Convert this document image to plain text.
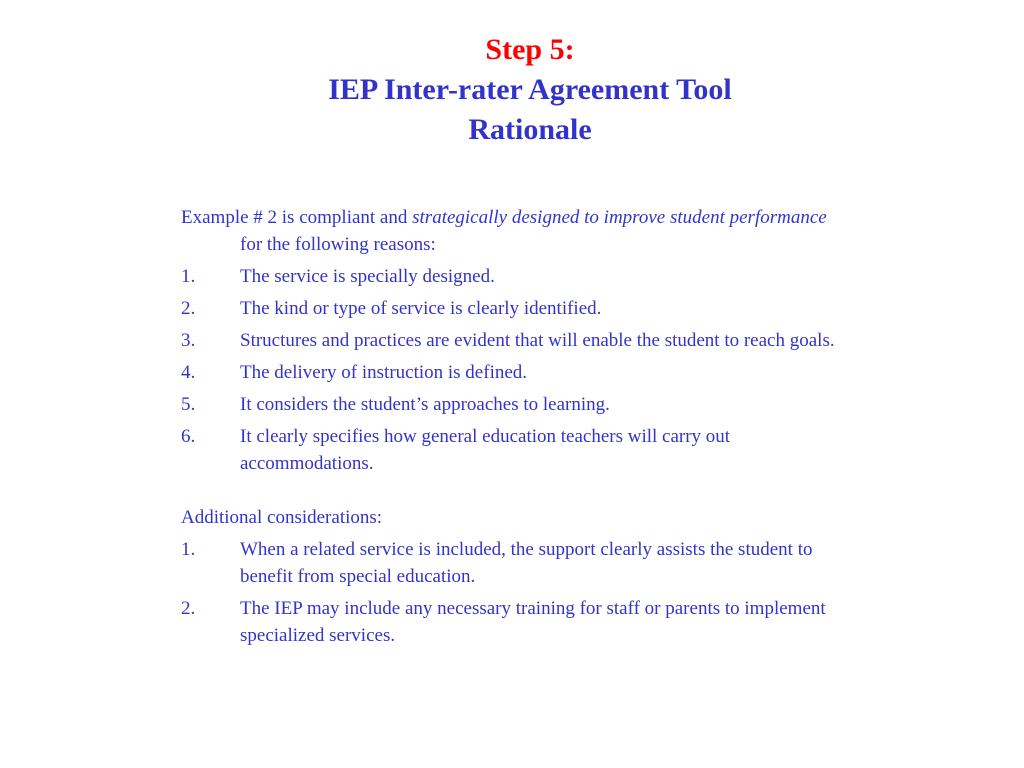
Step 5:
IEP Inter-rater Agreement Tool
Rationale

Example # 2 is compliant and strategically designed to improve student performance for the following reasons:

1.	The service is specially designed.
2.	The kind or type of service is clearly identified.
3.	Structures and practices are evident that will enable the student to reach goals.
4.	The delivery of instruction is defined.
5.	It considers the student’s approaches to learning.
6.	It clearly specifies how general education teachers will carry out accommodations.

Additional considerations:

1.	When a related service is included, the support clearly assists the student to benefit from special education.
2.	The IEP may include any necessary training for staff or parents to implement specialized services.
